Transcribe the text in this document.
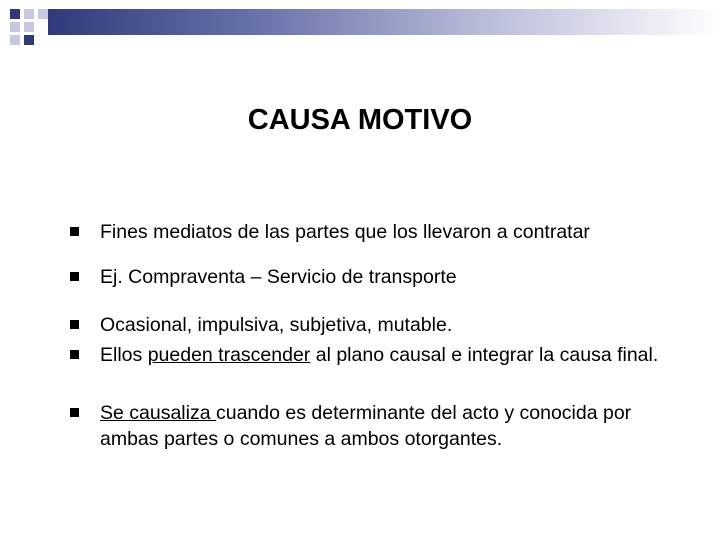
CAUSA MOTIVO
Fines mediatos de las partes que los llevaron a contratar
Ej. Compraventa – Servicio de transporte
Ocasional, impulsiva, subjetiva, mutable.
Ellos pueden trascender al plano causal e integrar la causa final.
Se causaliza cuando es determinante del acto y conocida por ambas partes o comunes a ambos otorgantes.
